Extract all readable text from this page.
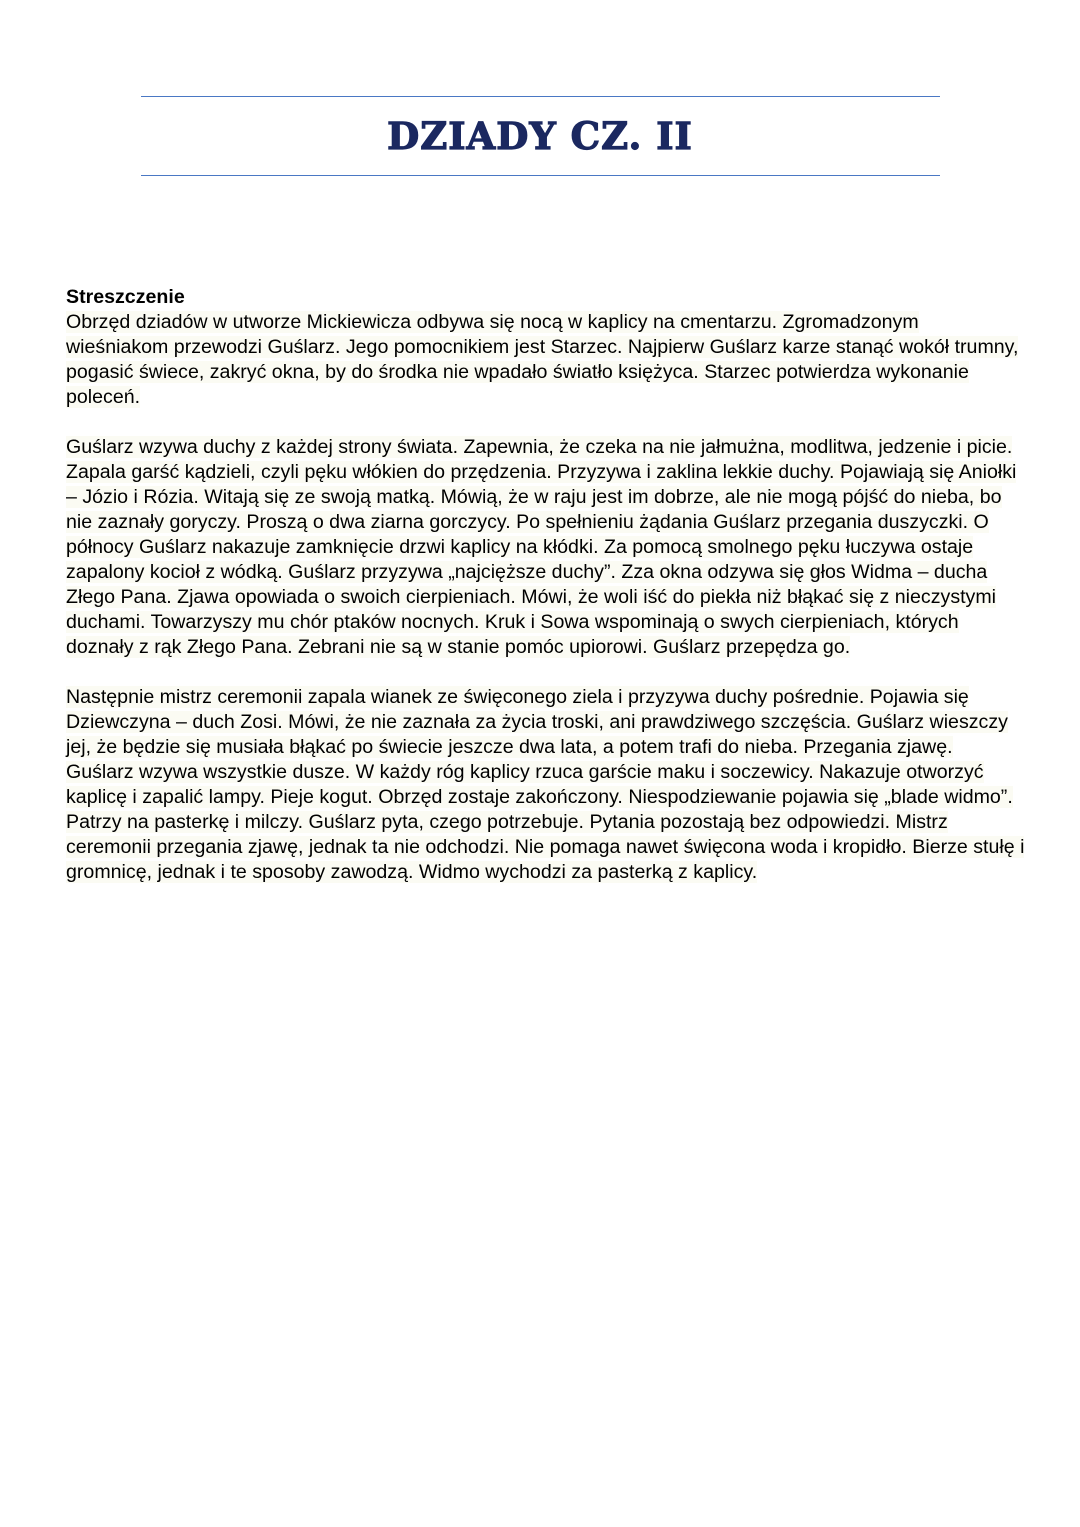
DZIADY CZ. II

Streszczenie

Obrzęd dziadów w utworze Mickiewicza odbywa się nocą w kaplicy na cmentarzu. Zgromadzonym wieśniakom przewodzi Guślarz. Jego pomocnikiem jest Starzec. Najpierw Guślarz karze stanąć wokół trumny, pogasić świece, zakryć okna, by do środka nie wpadało światło księżyca. Starzec potwierdza wykonanie poleceń.

Guślarz wzywa duchy z każdej strony świata. Zapewnia, że czeka na nie jałmużna, modlitwa, jedzenie i picie. Zapala garść kądzieli, czyli pęku włókien do przędzenia. Przyzywa i zaklina lekkie duchy. Pojawiają się Aniołki – Józio i Rózia. Witają się ze swoją matką. Mówią, że w raju jest im dobrze, ale nie mogą pójść do nieba, bo nie zaznały goryczy. Proszą o dwa ziarna gorczycy. Po spełnieniu żądania Guślarz przegania duszyczki. O północy Guślarz nakazuje zamknięcie drzwi kaplicy na kłódki. Za pomocą smolnego pęku łuczywa ostaje zapalony kocioł z wódką. Guślarz przyzywa „najcięższe duchy”. Zza okna odzywa się głos Widma – ducha Złego Pana. Zjawa opowiada o swoich cierpieniach. Mówi, że woli iść do piekła niż błąkać się z nieczystymi duchami. Towarzyszy mu chór ptaków nocnych. Kruk i Sowa wspominają o swych cierpieniach, których doznały z rąk Złego Pana. Zebrani nie są w stanie pomóc upiorowi. Guślarz przepędza go.

Następnie mistrz ceremonii zapala wianek ze święconego ziela i przyzywa duchy pośrednie. Pojawia się Dziewczyna – duch Zosi. Mówi, że nie zaznała za życia troski, ani prawdziwego szczęścia. Guślarz wieszczy jej, że będzie się musiała błąkać po świecie jeszcze dwa lata, a potem trafi do nieba. Przegania zjawę.

Guślarz wzywa wszystkie dusze. W każdy róg kaplicy rzuca garście maku i soczewicy. Nakazuje otworzyć kaplicę i zapalić lampy. Pieje kogut. Obrzęd zostaje zakończony. Niespodziewanie pojawia się „blade widmo”. Patrzy na pasterkę i milczy. Guślarz pyta, czego potrzebuje. Pytania pozostają bez odpowiedzi. Mistrz ceremonii przegania zjawę, jednak ta nie odchodzi. Nie pomaga nawet święcona woda i kropidło. Bierze stułę i gromnicę, jednak i te sposoby zawodzą. Widmo wychodzi za pasterką z kaplicy.
